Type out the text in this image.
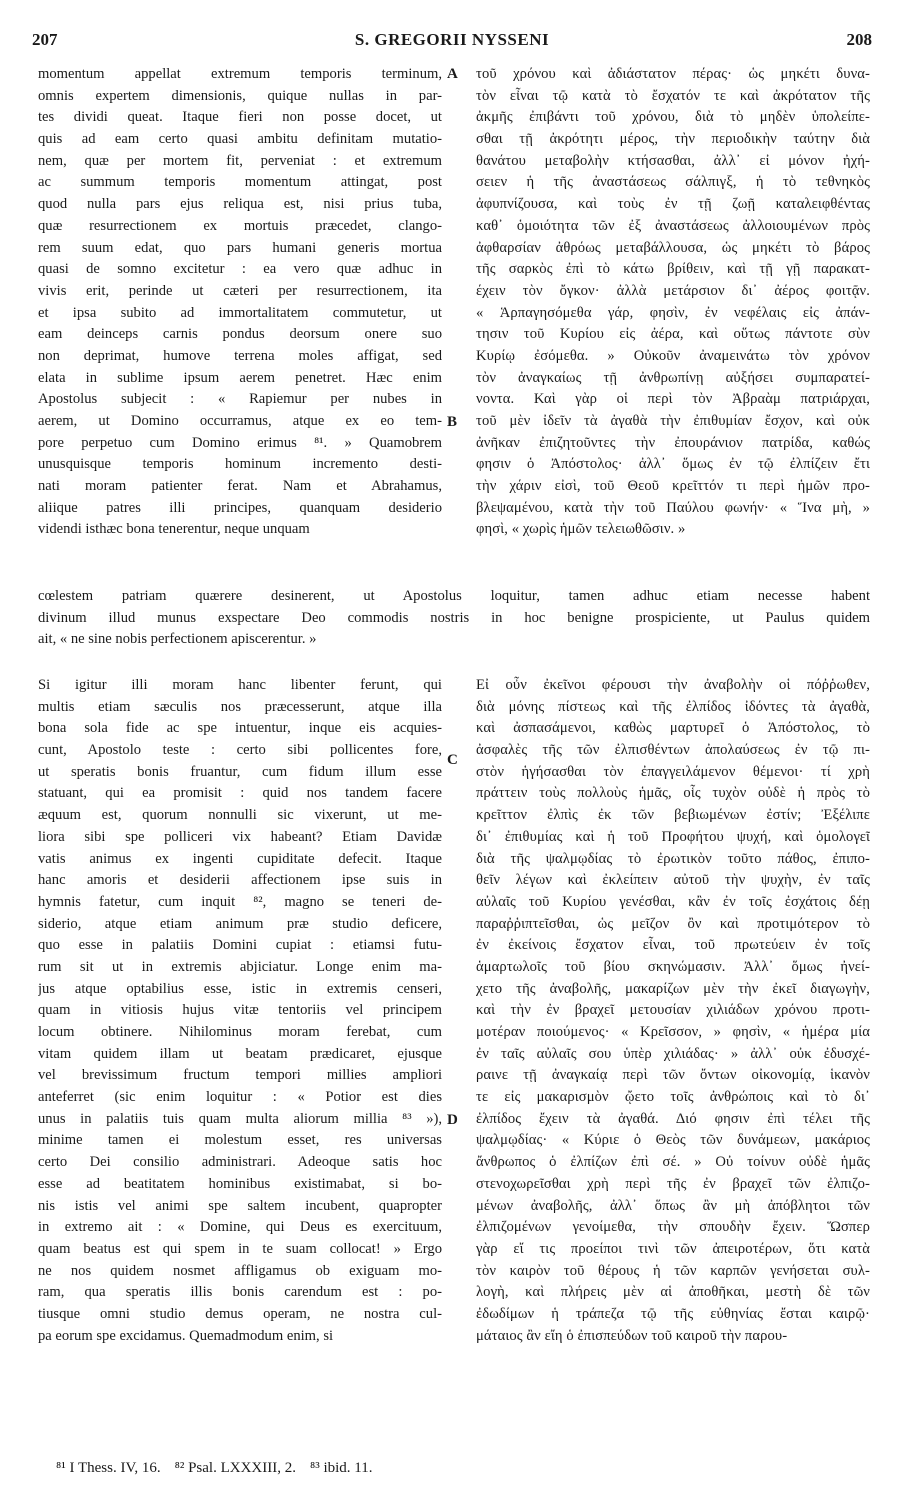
207	S. GREGORII NYSSENI	208
momentum appellat extremum temporis terminum,
omnis expertem dimensionis, quique nullas in par-
tes dividi queat. Itaque fieri non posse docet, ut
quis ad eam certo quasi ambitu definitam mutatio-
nem, quæ per mortem fit, perveniat : et extremum
ac summum temporis momentum attingat, post
quod nulla pars ejus reliqua est, nisi prius tuba,
quæ resurrectionem ex mortuis præcedet, clango-
rem suum edat, quo pars humani generis mortua
quasi de somno excitetur : ea vero quæ adhuc in
vivis erit, perinde ut cæteri per resurrectionem, ita
et ipsa subito ad immortalitatem commutetur, ut
eam deinceps carnis pondus deorsum onere suo
non deprimat, humove terrena moles affigat, sed
elata in sublime ipsum aerem penetret. Hæc enim
Apostolus subjecit : « Rapiemur per nubes in
aerem, ut Domino occurramus, atque ex eo tem-
pore perpetuo cum Domino erimus ⁸¹. » Quamobrem
unusquisque temporis hominum incremento desti-
nati moram patienter ferat. Nam et Abrahamus,
aliique patres illi principes, quanquam desiderio
videndi isthæc bona tenerentur, neque unquam
τοῦ χρόνου καὶ ἀδιάστατον πέρας· ὡς μηκέτι δυνα-
τὸν εἶναι τῷ κατὰ τὸ ἔσχατόν τε καὶ ἀκρότατον τῆς
ἀκμῆς ἐπιβάντι τοῦ χρόνου, διὰ τὸ μηδὲν ὑπολείπε-
σθαι τῇ ἀκρότητι μέρος, τὴν περιοδικὴν ταύτην διὰ
θανάτου μεταβολὴν κτήσασθαι, ἀλλ᾽ εἰ μόνον ἠχή-
σειεν ἡ τῆς ἀναστάσεως σάλπιγξ, ἡ τὸ τεθνηκὸς
ἀφυπνίζουσα, καὶ τοὺς ἐν τῇ ζωῇ καταλειφθέντας
καθ᾽ ὁμοιότητα τῶν ἐξ ἀναστάσεως ἀλλοιουμένων πρὸς
ἀφθαρσίαν ἀθρόως μεταβάλλουσα, ὡς μηκέτι τὸ βάρος
τῆς σαρκὸς ἐπὶ τὸ κάτω βρίθειν, καὶ τῇ γῇ παρακατ-
έχειν τὸν ὄγκον· ἀλλὰ μετάρσιον δι᾽ ἀέρος φοιτᾷν.
« Ἁρπαγησόμεθα γάρ, φησὶν, ἐν νεφέλαις εἰς ἀπάν-
τησιν τοῦ Κυρίου εἰς ἀέρα, καὶ οὕτως πάντοτε σὺν
Κυρίῳ ἐσόμεθα. » Οὐκοῦν ἀναμεινάτω τὸν χρόνον
τὸν ἀναγκαίως τῇ ἀνθρωπίνῃ αὐξήσει συμπαρατεί-
νοντα. Καὶ γὰρ οἱ περὶ τὸν Ἀβραὰμ πατριάρχαι,
τοῦ μὲν ἰδεῖν τὰ ἀγαθὰ τὴν ἐπιθυμίαν ἔσχον, καὶ οὐκ
ἀνῆκαν ἐπιζητοῦντες τὴν ἐπουράνιον πατρίδα, καθώς
φησιν ὁ Ἀπόστολος· ἀλλ᾽ ὅμως ἐν τῷ ἐλπίζειν ἔτι
τὴν χάριν εἰσὶ, τοῦ Θεοῦ κρεῖττόν τι περὶ ἡμῶν προ-
βλεψαμένου, κατὰ τὴν τοῦ Παύλου φωνήν· « Ἵνα μὴ, »
φησὶ, « χωρὶς ἡμῶν τελειωθῶσιν. »
A
B
cœlestem patriam quærere desinerent, ut Apostolus loquitur, tamen adhuc etiam necesse habent
divinum illud munus exspectare Deo commodis nostris in hoc benigne prospiciente, ut Paulus quidem
ait, « ne sine nobis perfectionem apiscerentur. »
Si igitur illi moram hanc libenter ferunt, qui
multis etiam sæculis nos præcesserunt, atque illa
bona sola fide ac spe intuentur, inque eis acquies-
cunt, Apostolo teste : certo sibi pollicentes fore,
ut speratis bonis fruantur, cum fidum illum esse
statuant, qui ea promisit : quid nos tandem facere
æquum est, quorum nonnulli sic vixerunt, ut me-
liora sibi spe polliceri vix habeant? Etiam Davidæ
vatis animus ex ingenti cupiditate defecit. Itaque
hanc amoris et desiderii affectionem ipse suis in
hymnis fatetur, cum inquit ⁸², magno se teneri de-
siderio, atque etiam animum præ studio deficere,
quo esse in palatiis Domini cupiat : etiamsi futu-
rum sit ut in extremis abjiciatur. Longe enim ma-
jus atque optabilius esse, istic in extremis censeri,
quam in vitiosis hujus vitæ tentoriis vel principem
locum obtinere. Nihilominus moram ferebat, cum
vitam quidem illam ut beatam prædicaret, ejusque
vel brevissimum fructum tempori millies ampliori
anteferret (sic enim loquitur : « Potior est dies
unus in palatiis tuis quam multa aliorum millia ⁸³ »),
minime tamen ei molestum esset, res universas
certo Dei consilio administrari. Adeoque satis hoc
esse ad beatitatem hominibus existimabat, si bo-
nis istis vel animi spe saltem incubent, quapropter
in extremo ait : « Domine, qui Deus es exercituum,
quam beatus est qui spem in te suam collocat! » Ergo
ne nos quidem nosmet affligamus ob exiguam mo-
ram, qua speratis illis bonis carendum est : po-
tiusque omni studio demus operam, ne nostra cul-
pa eorum spe excidamus. Quemadmodum enim, si
Εἰ οὖν ἐκεῖνοι φέρουσι τὴν ἀναβολὴν οἱ πόῤῥωθεν,
διὰ μόνης πίστεως καὶ τῆς ἐλπίδος ἰδόντες τὰ ἀγαθὰ,
καὶ ἀσπασάμενοι, καθὼς μαρτυρεῖ ὁ Ἀπόστολος, τὸ
ἀσφαλὲς τῆς τῶν ἐλπισθέντων ἀπολαύσεως ἐν τῷ πι-
στὸν ἡγήσασθαι τὸν ἐπαγγειλάμενον θέμενοι· τί χρὴ
πράττειν τοὺς πολλοὺς ἡμᾶς, οἷς τυχὸν οὐδὲ ἡ πρὸς τὸ
κρεῖττον ἐλπὶς ἐκ τῶν βεβιωμένων ἐστίν; Ἐξέλιπε
δι᾽ ἐπιθυμίας καὶ ἡ τοῦ Προφήτου ψυχή, καὶ ὁμολογεῖ
διὰ τῆς ψαλμῳδίας τὸ ἐρωτικὸν τοῦτο πάθος, ἐπιπο-
θεῖν λέγων καὶ ἐκλείπειν αὐτοῦ τὴν ψυχὴν, ἐν ταῖς
αὐλαῖς τοῦ Κυρίου γενέσθαι, κἂν ἐν τοῖς ἐσχάτοις δέῃ
παραῤῥιπτεῖσθαι, ὡς μεῖζον ὂν καὶ προτιμότερον τὸ
ἐν ἐκείνοις ἔσχατον εἶναι, τοῦ πρωτεύειν ἐν τοῖς
ἁμαρτωλοῖς τοῦ βίου σκηνώμασιν. Ἀλλ᾽ ὅμως ἠνεί-
χετο τῆς ἀναβολῆς, μακαρίζων μὲν τὴν ἐκεῖ διαγωγὴν,
καὶ τὴν ἐν βραχεῖ μετουσίαν χιλιάδων χρόνου προτι-
μοτέραν ποιούμενος· « Κρεῖσσον, » φησὶν, « ἡμέρα μία
ἐν ταῖς αὐλαῖς σου ὑπὲρ χιλιάδας· » ἀλλ᾽ οὐκ ἐδυσχέ-
ραινε τῇ ἀναγκαίᾳ περὶ τῶν ὄντων οἰκονομίᾳ, ἱκανὸν
τε εἰς μακαρισμὸν ᾤετο τοῖς ἀνθρώποις καὶ τὸ δι᾽
ἐλπίδος ἔχειν τὰ ἀγαθά. Διό φησιν ἐπὶ τέλει τῆς
ψαλμῳδίας· « Κύριε ὁ Θεὸς τῶν δυνάμεων, μακάριος
ἄνθρωπος ὁ ἐλπίζων ἐπὶ σέ. » Οὐ τοίνυν οὐδὲ ἡμᾶς
στενοχωρεῖσθαι χρὴ περὶ τῆς ἐν βραχεῖ τῶν ἐλπιζο-
μένων ἀναβολῆς, ἀλλ᾽ ὅπως ἂν μὴ ἀπόβλητοι τῶν
ἐλπιζομένων γενοίμεθα, τὴν σπουδὴν ἔχειν. Ὥσπερ
γὰρ εἴ τις προείποι τινὶ τῶν ἀπειροτέρων, ὅτι κατὰ
τὸν καιρὸν τοῦ θέρους ἡ τῶν καρπῶν γενήσεται συλ-
λογὴ, καὶ πλήρεις μὲν αἱ ἀποθῆκαι, μεστὴ δὲ τῶν
ἐδωδίμων ἡ τράπεζα τῷ τῆς εὐθηνίας ἔσται καιρῷ·
μάταιος ἂν εἴη ὁ ἐπισπεύδων τοῦ καιροῦ τὴν παρου-
C
D
⁸¹ I Thess. IV, 16. ⁸² Psal. LXXXIII, 2. ⁸³ ibid. 11.
